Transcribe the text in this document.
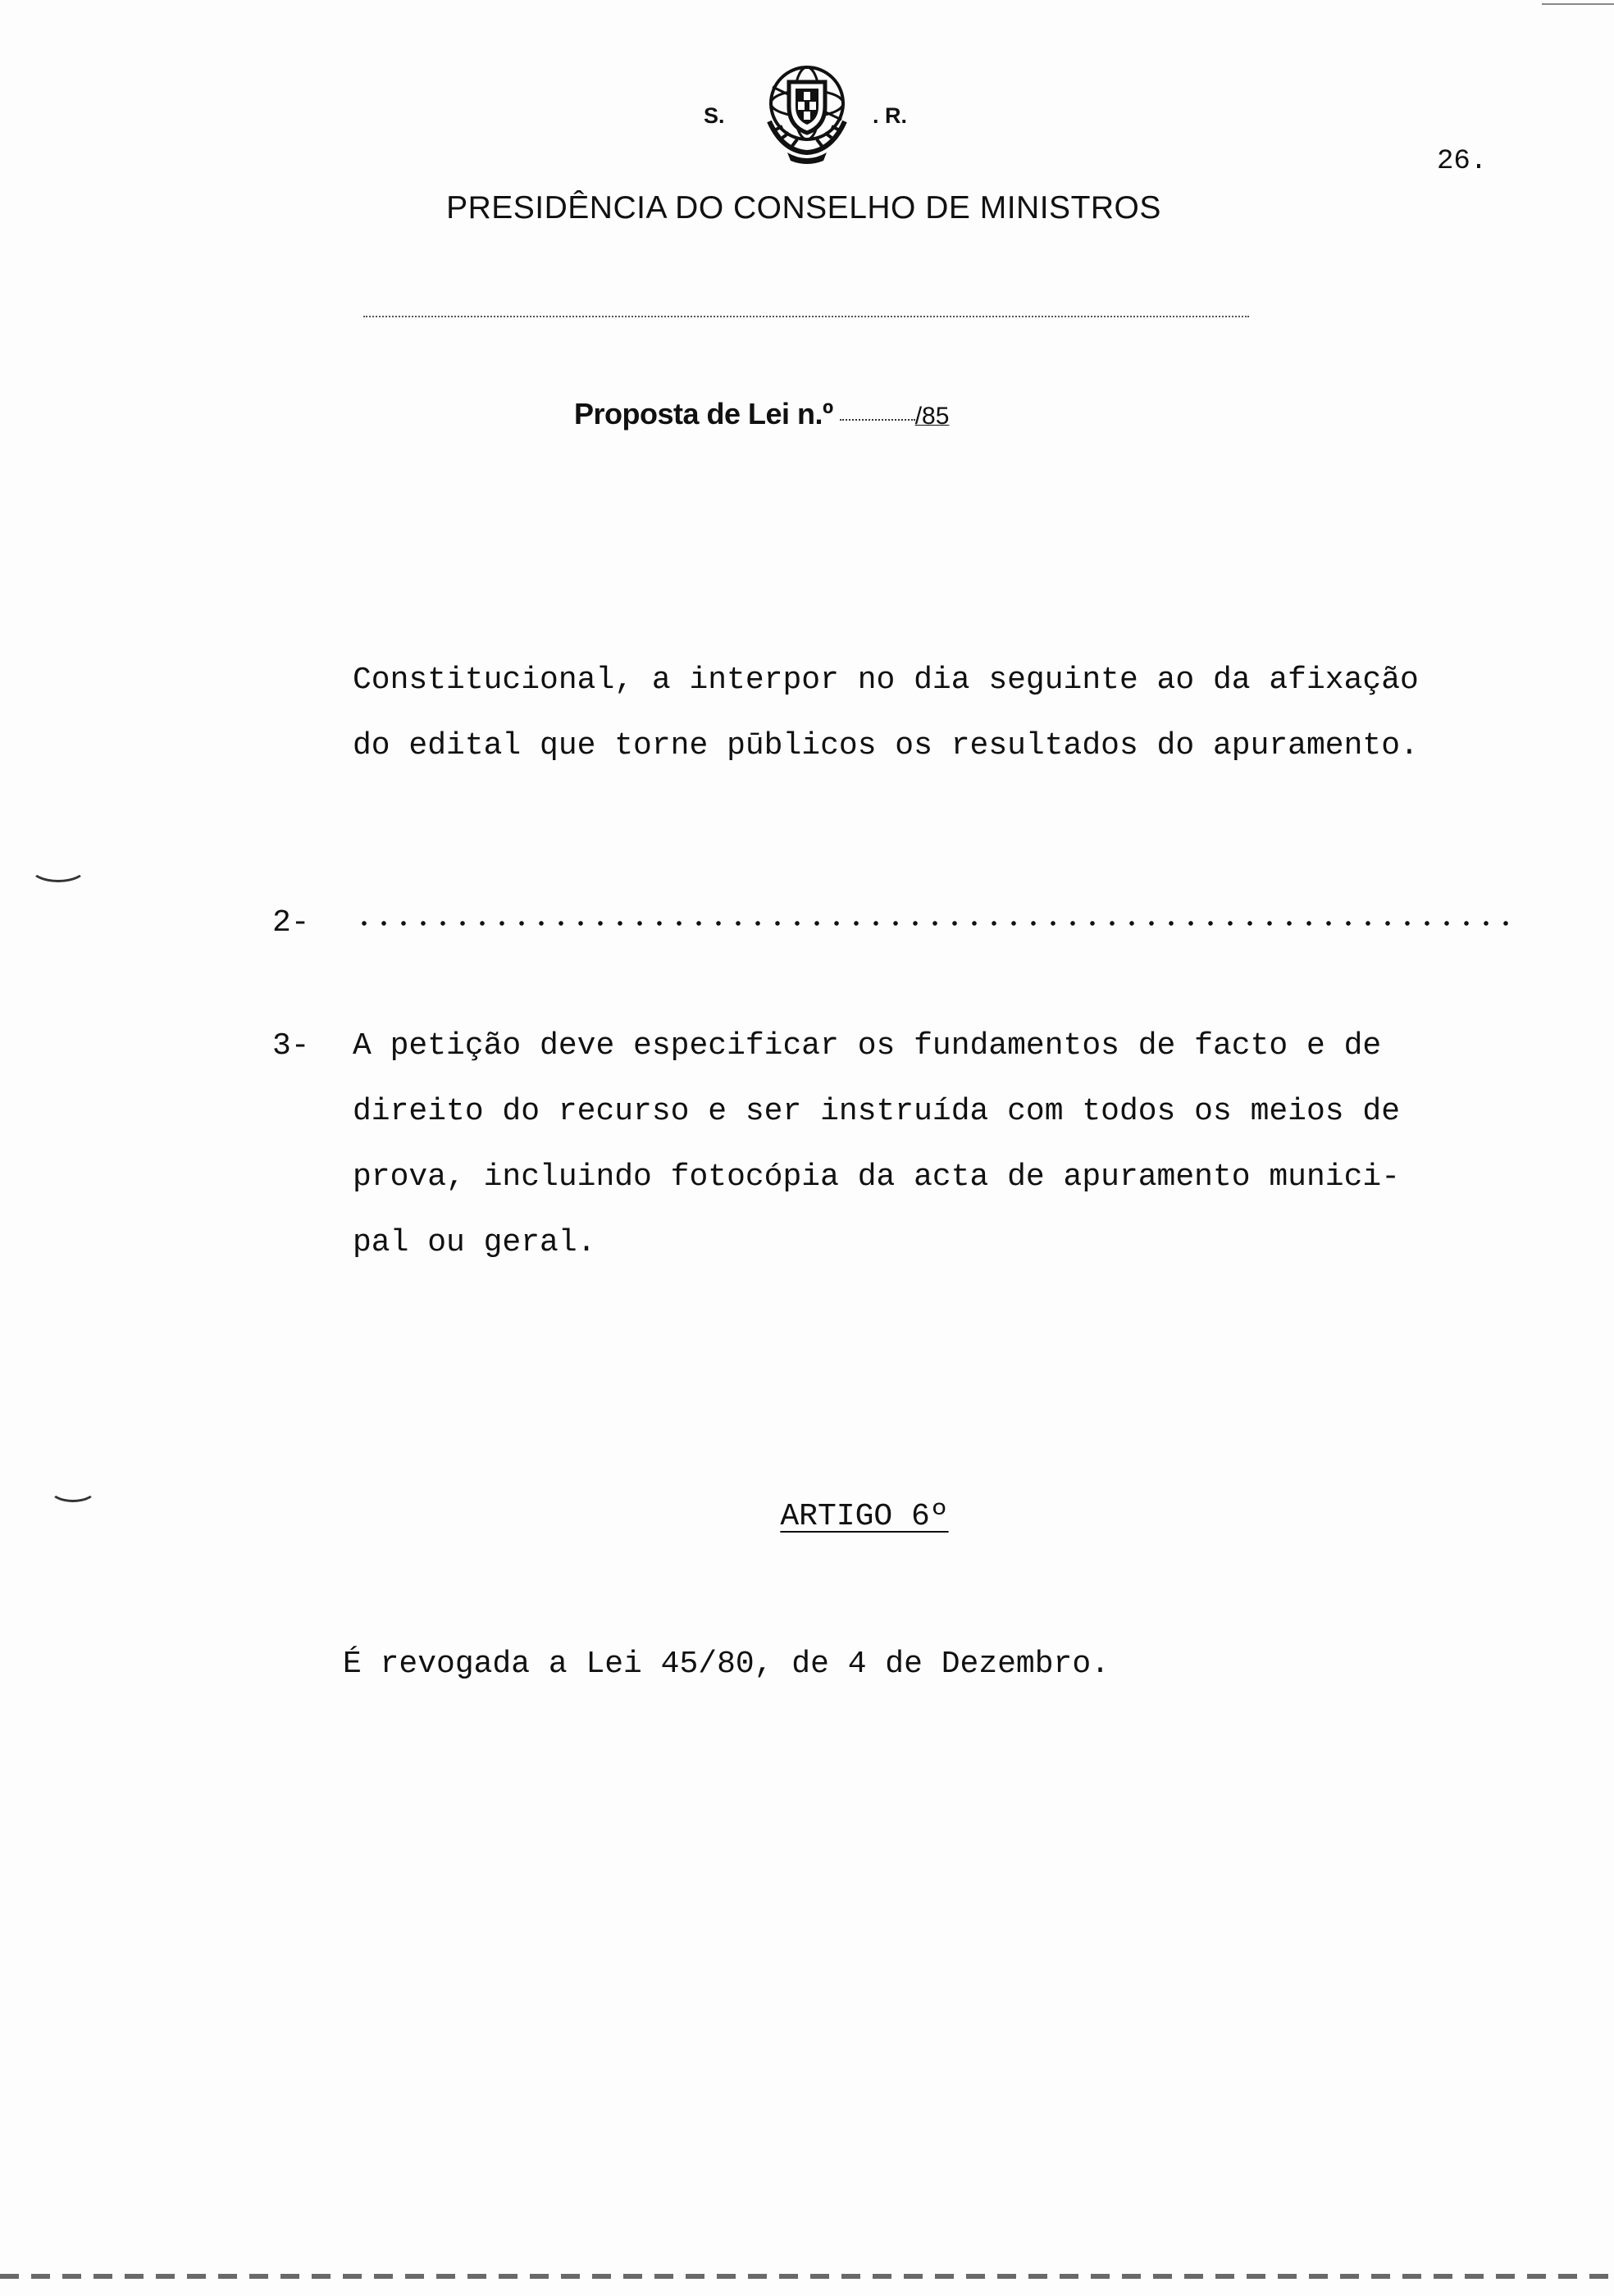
S.	. R.
26.
PRESIDÊNCIA DO CONSELHO DE MINISTROS
Proposta de Lei n.º	/85
Constitucional, a interpor no dia seguinte ao da afixação
do edital que torne pūblicos os resultados do apuramento.
2-
3- A petição deve especificar os fundamentos de facto e de
direito do recurso e ser instruída com todos os meios de
prova, incluindo fotocópia da acta de apuramento munici-
pal ou geral.
ARTIGO 6º
É revogada a Lei 45/80, de 4 de Dezembro.
